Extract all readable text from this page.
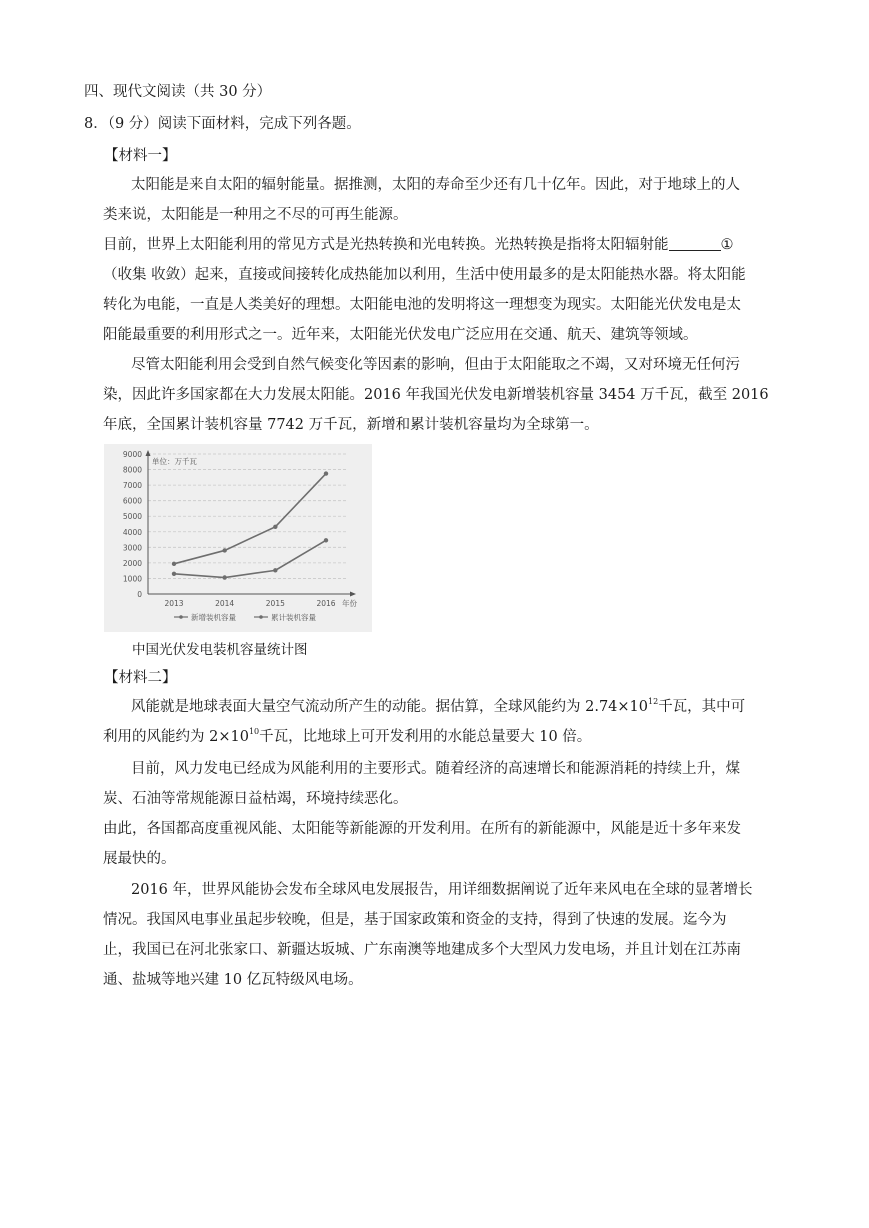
四、现代文阅读（共 30 分）
8．（9 分）阅读下面材料，完成下列各题。
【材料一】
太阳能是来自太阳的辐射能量。据推测，太阳的寿命至少还有几十亿年。因此，对于地球上的人
类来说，太阳能是一种用之不尽的可再生能源。
目前，世界上太阳能利用的常见方式是光热转换和光电转换。光热转换是指将太阳辐射能	①
（收集 收敛）起来，直接或间接转化成热能加以利用，生活中使用最多的是太阳能热水器。将太阳能
转化为电能，一直是人类美好的理想。太阳能电池的发明将这一理想变为现实。太阳能光伏发电是太
阳能最重要的利用形式之一。近年来，太阳能光伏发电广泛应用在交通、航天、建筑等领域。
尽管太阳能利用会受到自然气候变化等因素的影响，但由于太阳能取之不竭，又对环境无任何污
染，因此许多国家都在大力发展太阳能。2016 年我国光伏发电新增装机容量 3454 万千瓦，截至 2016
年底，全国累计装机容量 7742 万千瓦，新增和累计装机容量均为全球第一。
0
1000
2000
3000
4000
5000
6000
7000
8000
9000
单位：万千瓦
年份
2013	2014	2015	2016
新增装机容量	累计装机容量
中国光伏发电装机容量统计图
【材料二】
风能就是地球表面大量空气流动所产生的动能。据估算，全球风能约为 $2.74\times 10^{12}$千瓦，其中可
利用的风能约为 $2\times 10^{10}$千瓦，比地球上可开发利用的水能总量要大 10 倍。
目前，风力发电已经成为风能利用的主要形式。随着经济的高速增长和能源消耗的持续上升，煤
炭、石油等常规能源日益枯竭，环境持续恶化。
由此，各国都高度重视风能、太阳能等新能源的开发利用。在所有的新能源中，风能是近十多年来发
展最快的。
2016 年，世界风能协会发布全球风电发展报告，用详细数据阐说了近年来风电在全球的显著增长
情况。我国风电事业虽起步较晚，但是，基于国家政策和资金的支持，得到了快速的发展。迄今为
止，我国已在河北张家口、新疆达坂城、广东南澳等地建成多个大型风力发电场，并且计划在江苏南
通、盐城等地兴建 10 亿瓦特级风电场。
